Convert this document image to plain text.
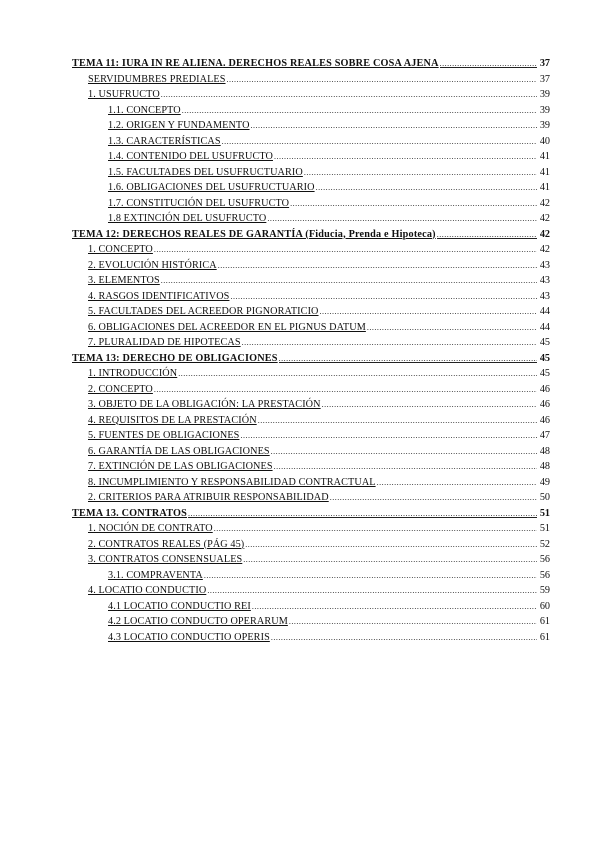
TEMA 11: IURA IN RE ALIENA. DERECHOS REALES SOBRE COSA AJENA .....	37
SERVIDUMBRES PREDIALES .....	37
1. USUFRUCTO .....	39
1.1. CONCEPTO .....	39
1.2. ORIGEN Y FUNDAMENTO .....	39
1.3. CARACTERÍSTICAS .....	40
1.4. CONTENIDO DEL USUFRUCTO .....	41
1.5. FACULTADES DEL USUFRUCTUARIO .....	41
1.6. OBLIGACIONES DEL USUFRUCTUARIO .....	41
1.7. CONSTITUCIÓN DEL USUFRUCTO .....	42
1.8 EXTINCIÓN DEL USUFRUCTO .....	42
TEMA 12: DERECHOS REALES DE GARANTÍA (Fiducia, Prenda e Hipoteca) .....	42
1. CONCEPTO .....	42
2. EVOLUCIÓN HISTÓRICA .....	43
3. ELEMENTOS .....	43
4. RASGOS IDENTIFICATIVOS .....	43
5. FACULTADES DEL ACREEDOR PIGNORATICIO .....	44
6. OBLIGACIONES DEL ACREEDOR EN EL PIGNUS DATUM .....	44
7. PLURALIDAD DE HIPOTECAS .....	45
TEMA 13: DERECHO DE OBLIGACIONES .....	45
1. INTRODUCCIÓN .....	45
2. CONCEPTO .....	46
3. OBJETO DE LA OBLIGACIÓN: LA PRESTACIÓN .....	46
4. REQUISITOS DE LA PRESTACIÓN .....	46
5. FUENTES DE OBLIGACIONES .....	47
6. GARANTÍA DE LAS OBLIGACIONES .....	48
7. EXTINCIÓN DE LAS OBLIGACIONES .....	48
8. INCUMPLIMIENTO Y RESPONSABILIDAD CONTRACTUAL .....	49
2. CRITERIOS PARA ATRIBUIR RESPONSABILIDAD .....	50
TEMA 13. CONTRATOS .....	51
1. NOCIÓN DE CONTRATO .....	51
2. CONTRATOS REALES (PÁG 45) .....	52
3. CONTRATOS CONSENSUALES .....	56
3.1. COMPRAVENTA .....	56
4. LOCATIO CONDUCTIO .....	59
4.1 LOCATIO CONDUCTIO REI .....	60
4.2 LOCATIO CONDUCTO OPERARUM .....	61
4.3 LOCATIO CONDUCTIO OPERIS .....	61
